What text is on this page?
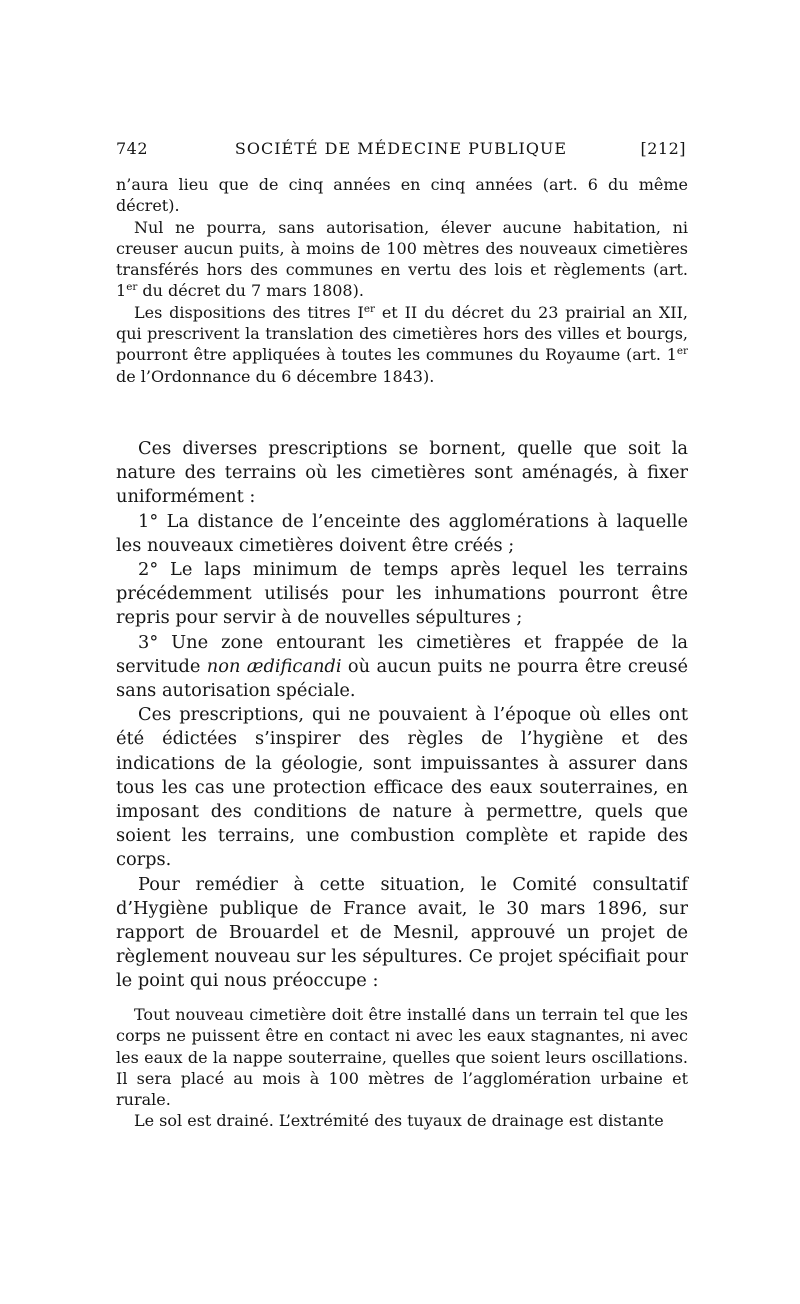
742	SOCIÉTÉ DE MÉDECINE PUBLIQUE	[212]

n’aura lieu que de cinq années en cinq années (art. 6 du même décret).

Nul ne pourra, sans autorisation, élever aucune habitation, ni creuser aucun puits, à moins de 100 mètres des nouveaux cimetières transférés hors des communes en vertu des lois et règlements (art. 1er du décret du 7 mars 1808).

Les dispositions des titres Ier et II du décret du 23 prairial an XII, qui prescrivent la translation des cimetières hors des villes et bourgs, pourront être appliquées à toutes les communes du Royaume (art. 1er de l’Ordonnance du 6 décembre 1843).

Ces diverses prescriptions se bornent, quelle que soit la nature des terrains où les cimetières sont aménagés, à fixer uniformément :

1° La distance de l’enceinte des agglomérations à laquelle les nouveaux cimetières doivent être créés ;

2° Le laps minimum de temps après lequel les terrains précédemment utilisés pour les inhumations pourront être repris pour servir à de nouvelles sépultures ;

3° Une zone entourant les cimetières et frappée de la servitude non ædificandi où aucun puits ne pourra être creusé sans autorisation spéciale.

Ces prescriptions, qui ne pouvaient à l’époque où elles ont été édictées s’inspirer des règles de l’hygiène et des indications de la géologie, sont impuissantes à assurer dans tous les cas une protection efficace des eaux souterraines, en imposant des conditions de nature à permettre, quels que soient les terrains, une combustion complète et rapide des corps.

Pour remédier à cette situation, le Comité consultatif d’Hygiène publique de France avait, le 30 mars 1896, sur rapport de Brouardel et de Mesnil, approuvé un projet de règlement nouveau sur les sépultures. Ce projet spécifiait pour le point qui nous préoccupe :

Tout nouveau cimetière doit être installé dans un terrain tel que les corps ne puissent être en contact ni avec les eaux stagnantes, ni avec les eaux de la nappe souterraine, quelles que soient leurs oscillations. Il sera placé au mois à 100 mètres de l’agglomération urbaine et rurale.

Le sol est drainé. L’extrémité des tuyaux de drainage est distante
